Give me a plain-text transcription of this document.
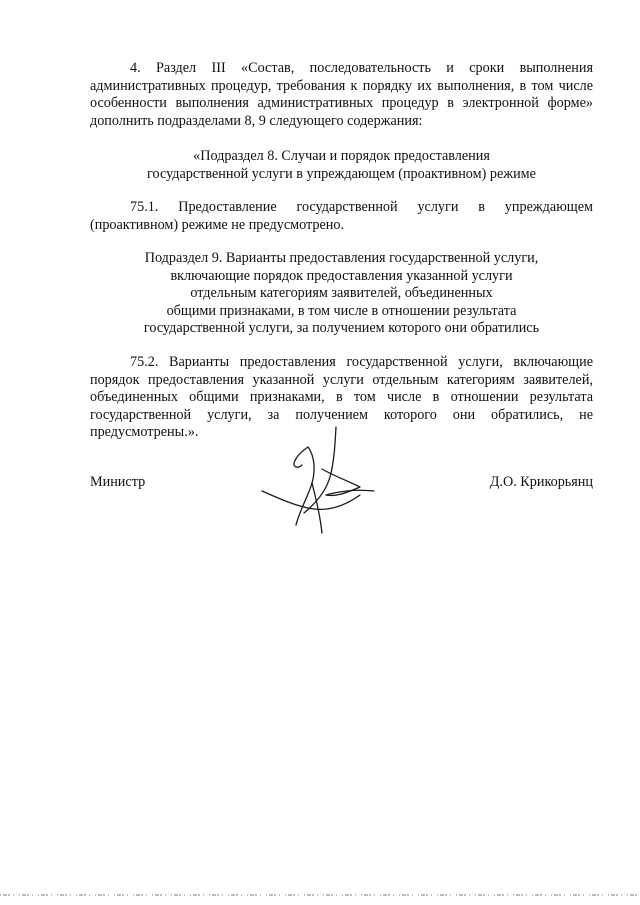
4. Раздел III «Состав, последовательность и сроки выполнения административных процедур, требования к порядку их выполнения, в том числе особенности выполнения административных процедур в электронной форме» дополнить подразделами 8, 9 следующего содержания:

«Подраздел 8. Случаи и порядок предоставления
государственной услуги в упреждающем (проактивном) режиме

75.1. Предоставление государственной услуги в упреждающем (проактивном) режиме не предусмотрено.

Подраздел 9. Варианты предоставления государственной услуги,
включающие порядок предоставления указанной услуги
отдельным категориям заявителей, объединенных
общими признаками, в том числе в отношении результата
государственной услуги, за получением которого они обратились

75.2. Варианты предоставления государственной услуги, включающие порядок предоставления указанной услуги отдельным категориям заявителей, объединенных общими признаками, в том числе в отношении результата государственной услуги, за получением которого они обратились, не предусмотрены.».

Министр	Д.О. Крикорьянц
